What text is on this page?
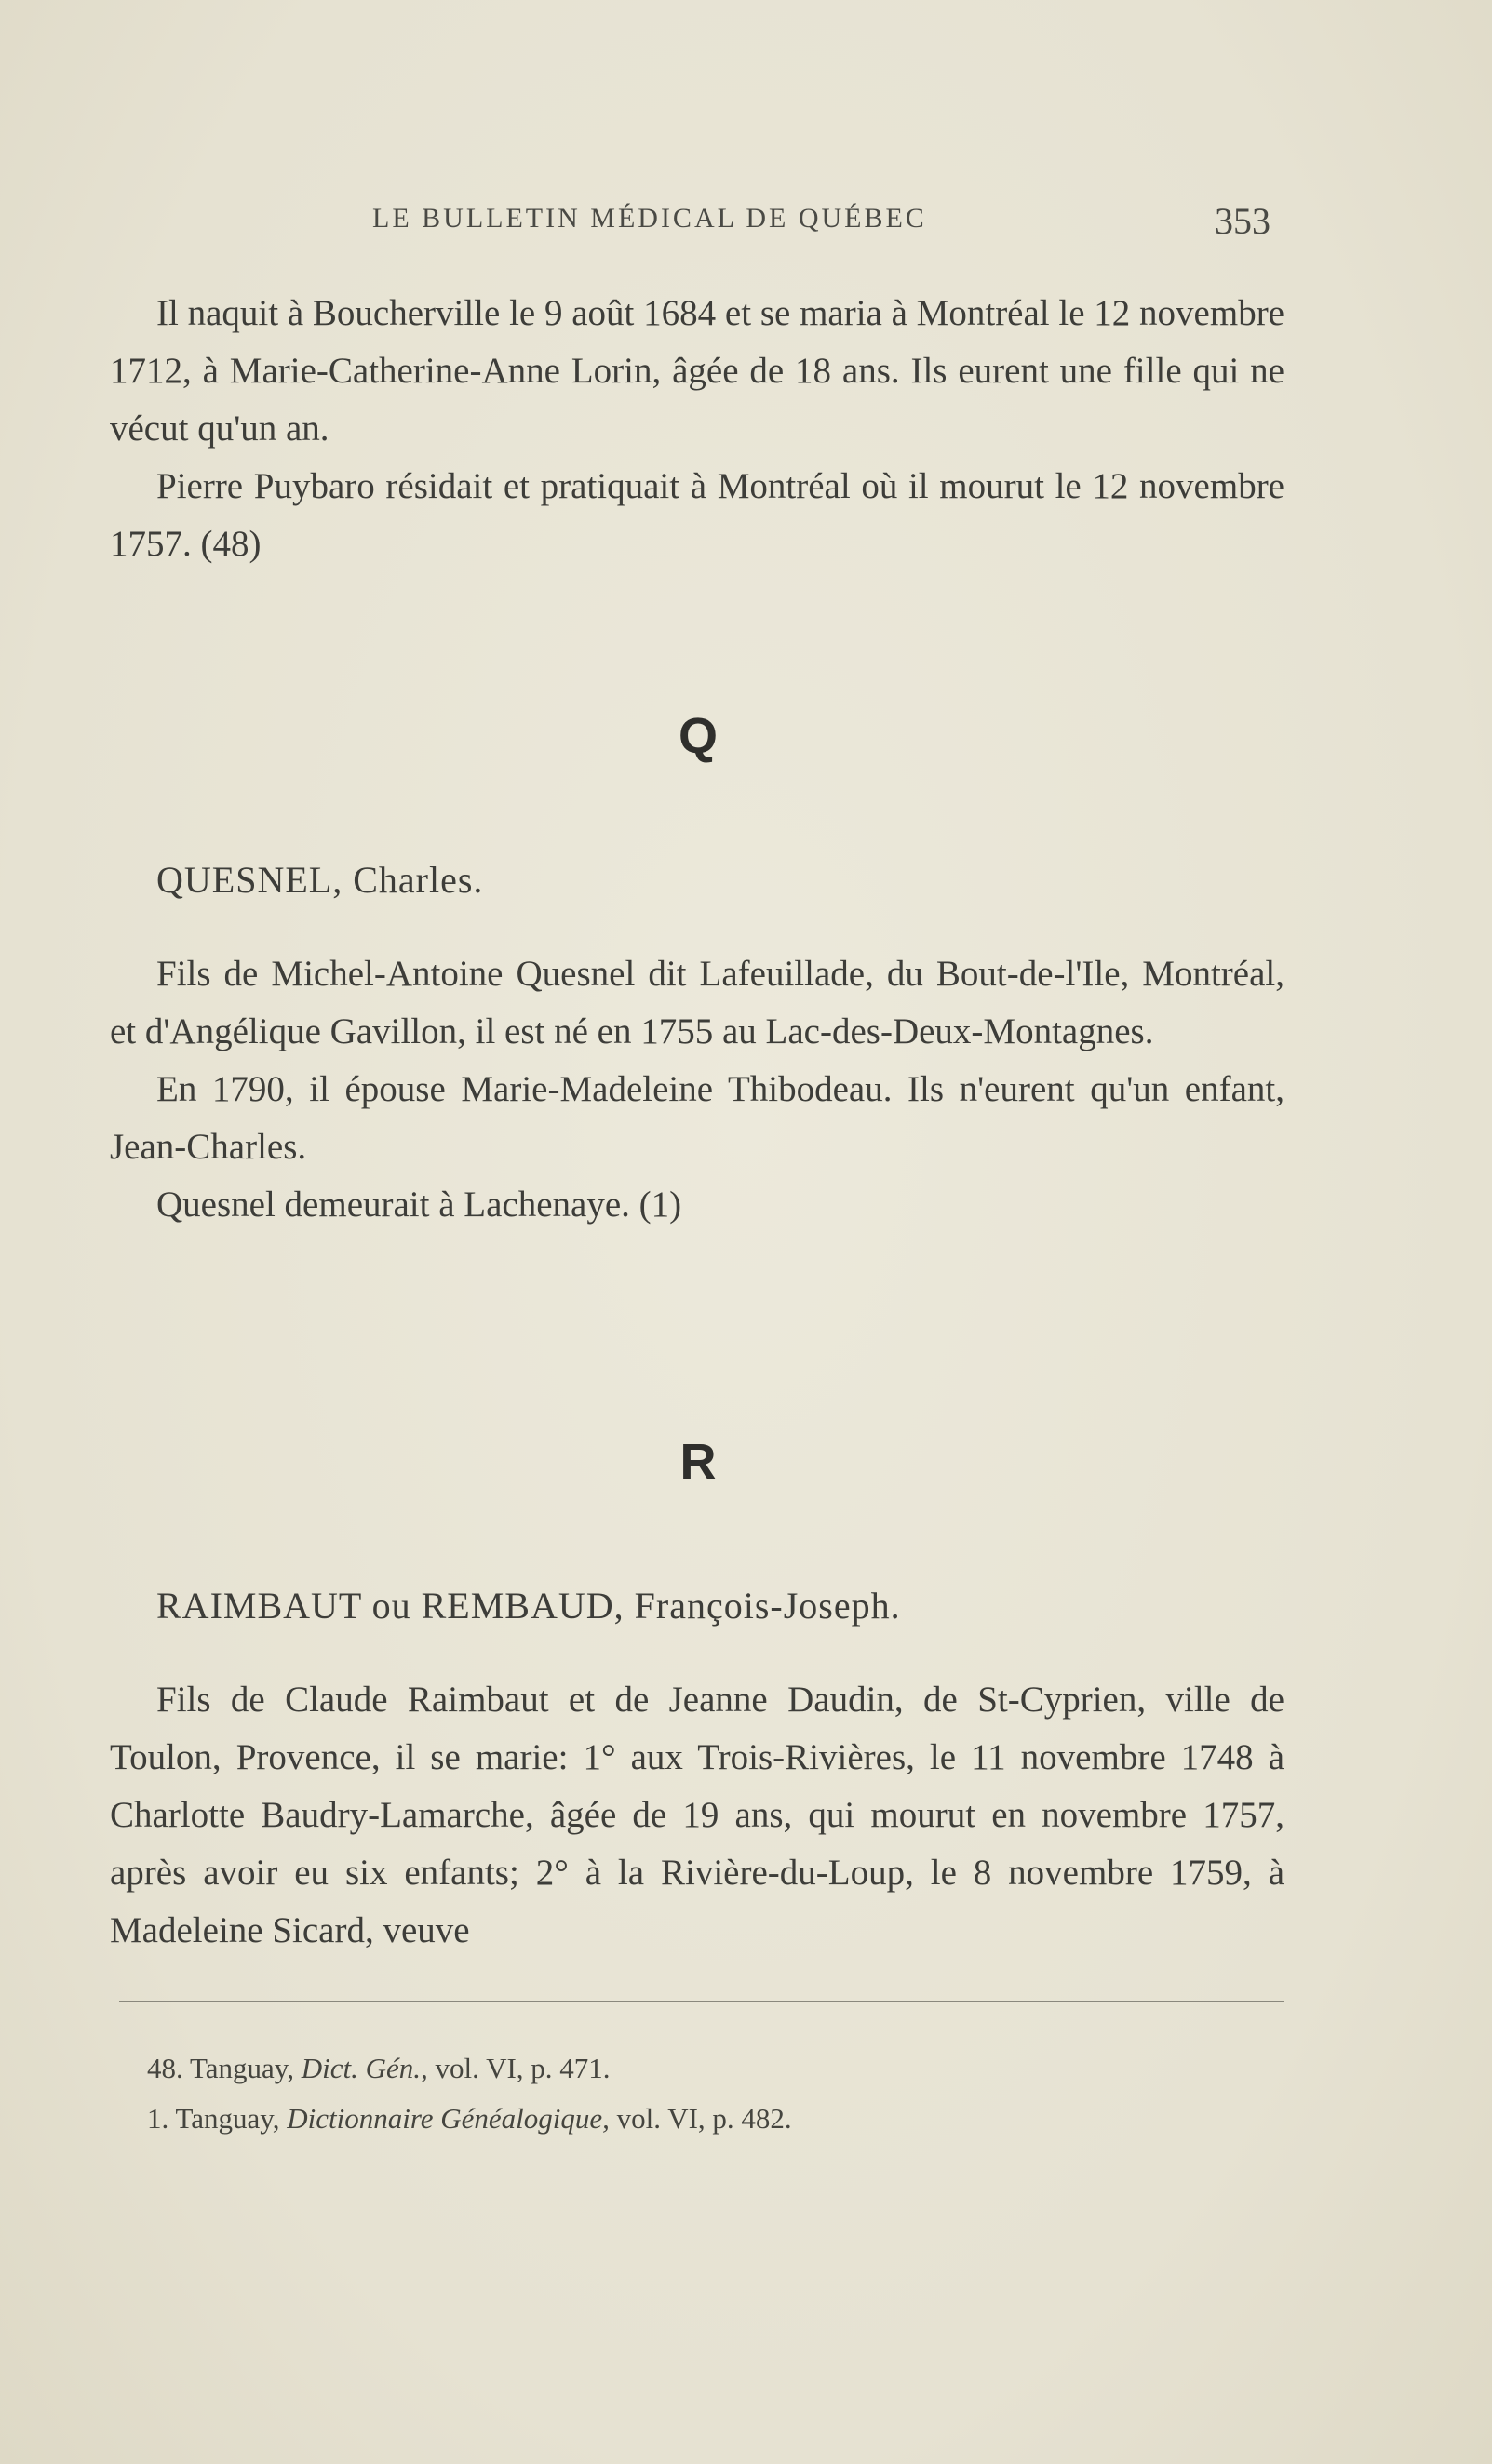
LE BULLETIN MÉDICAL DE QUÉBEC	353

Il naquit à Boucherville le 9 août 1684 et se maria à Montréal le 12 novembre 1712, à Marie-Catherine-Anne Lorin, âgée de 18 ans. Ils eurent une fille qui ne vécut qu'un an.

Pierre Puybaro résidait et pratiquait à Montréal où il mourut le 12 novembre 1757. (48)

Q
QUESNEL, Charles.

Fils de Michel-Antoine Quesnel dit Lafeuillade, du Bout-de-l'Ile, Montréal, et d'Angélique Gavillon, il est né en 1755 au Lac-des-Deux-Montagnes.

En 1790, il épouse Marie-Madeleine Thibodeau. Ils n'eurent qu'un enfant, Jean-Charles.

Quesnel demeurait à Lachenaye. (1)

R
RAIMBAUT ou REMBAUD, François-Joseph.

Fils de Claude Raimbaut et de Jeanne Daudin, de St-Cyprien, ville de Toulon, Provence, il se marie: 1° aux Trois-Rivières, le 11 novembre 1748 à Charlotte Baudry-Lamarche, âgée de 19 ans, qui mourut en novembre 1757, après avoir eu six enfants; 2° à la Rivière-du-Loup, le 8 novembre 1759, à Madeleine Sicard, veuve

48. Tanguay, Dict. Gén., vol. VI, p. 471.

1. Tanguay, Dictionnaire Généalogique, vol. VI, p. 482.
